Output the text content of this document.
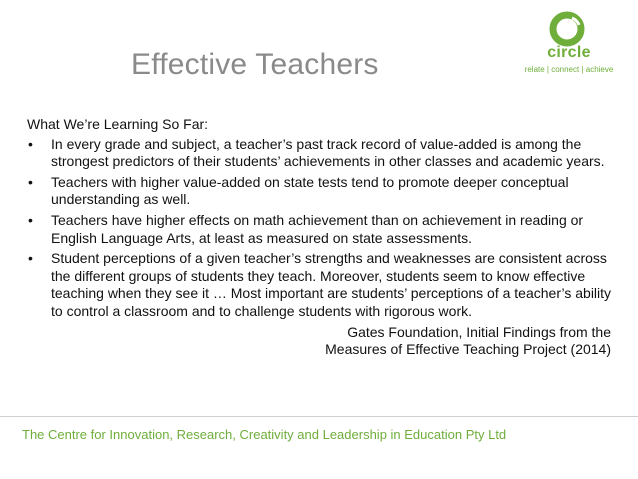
Effective Teachers	circle
relate | connect | achieve

What We’re Learning So Far:

• In every grade and subject, a teacher’s past track record of value-added is among the strongest predictors of their students’ achievements in other classes and academic years.
• Teachers with higher value-added on state tests tend to promote deeper conceptual understanding as well.
• Teachers have higher effects on math achievement than on achievement in reading or English Language Arts, at least as measured on state assessments.
• Student perceptions of a given teacher’s strengths and weaknesses are consistent across the different groups of students they teach. Moreover, students seem to know effective teaching when they see it … Most important are students’ perceptions of a teacher’s ability to control a classroom and to challenge students with rigorous work.
Gates Foundation, Initial Findings from the
Measures of Effective Teaching Project (2014)
The Centre for Innovation, Research, Creativity and Leadership in Education Pty Ltd
